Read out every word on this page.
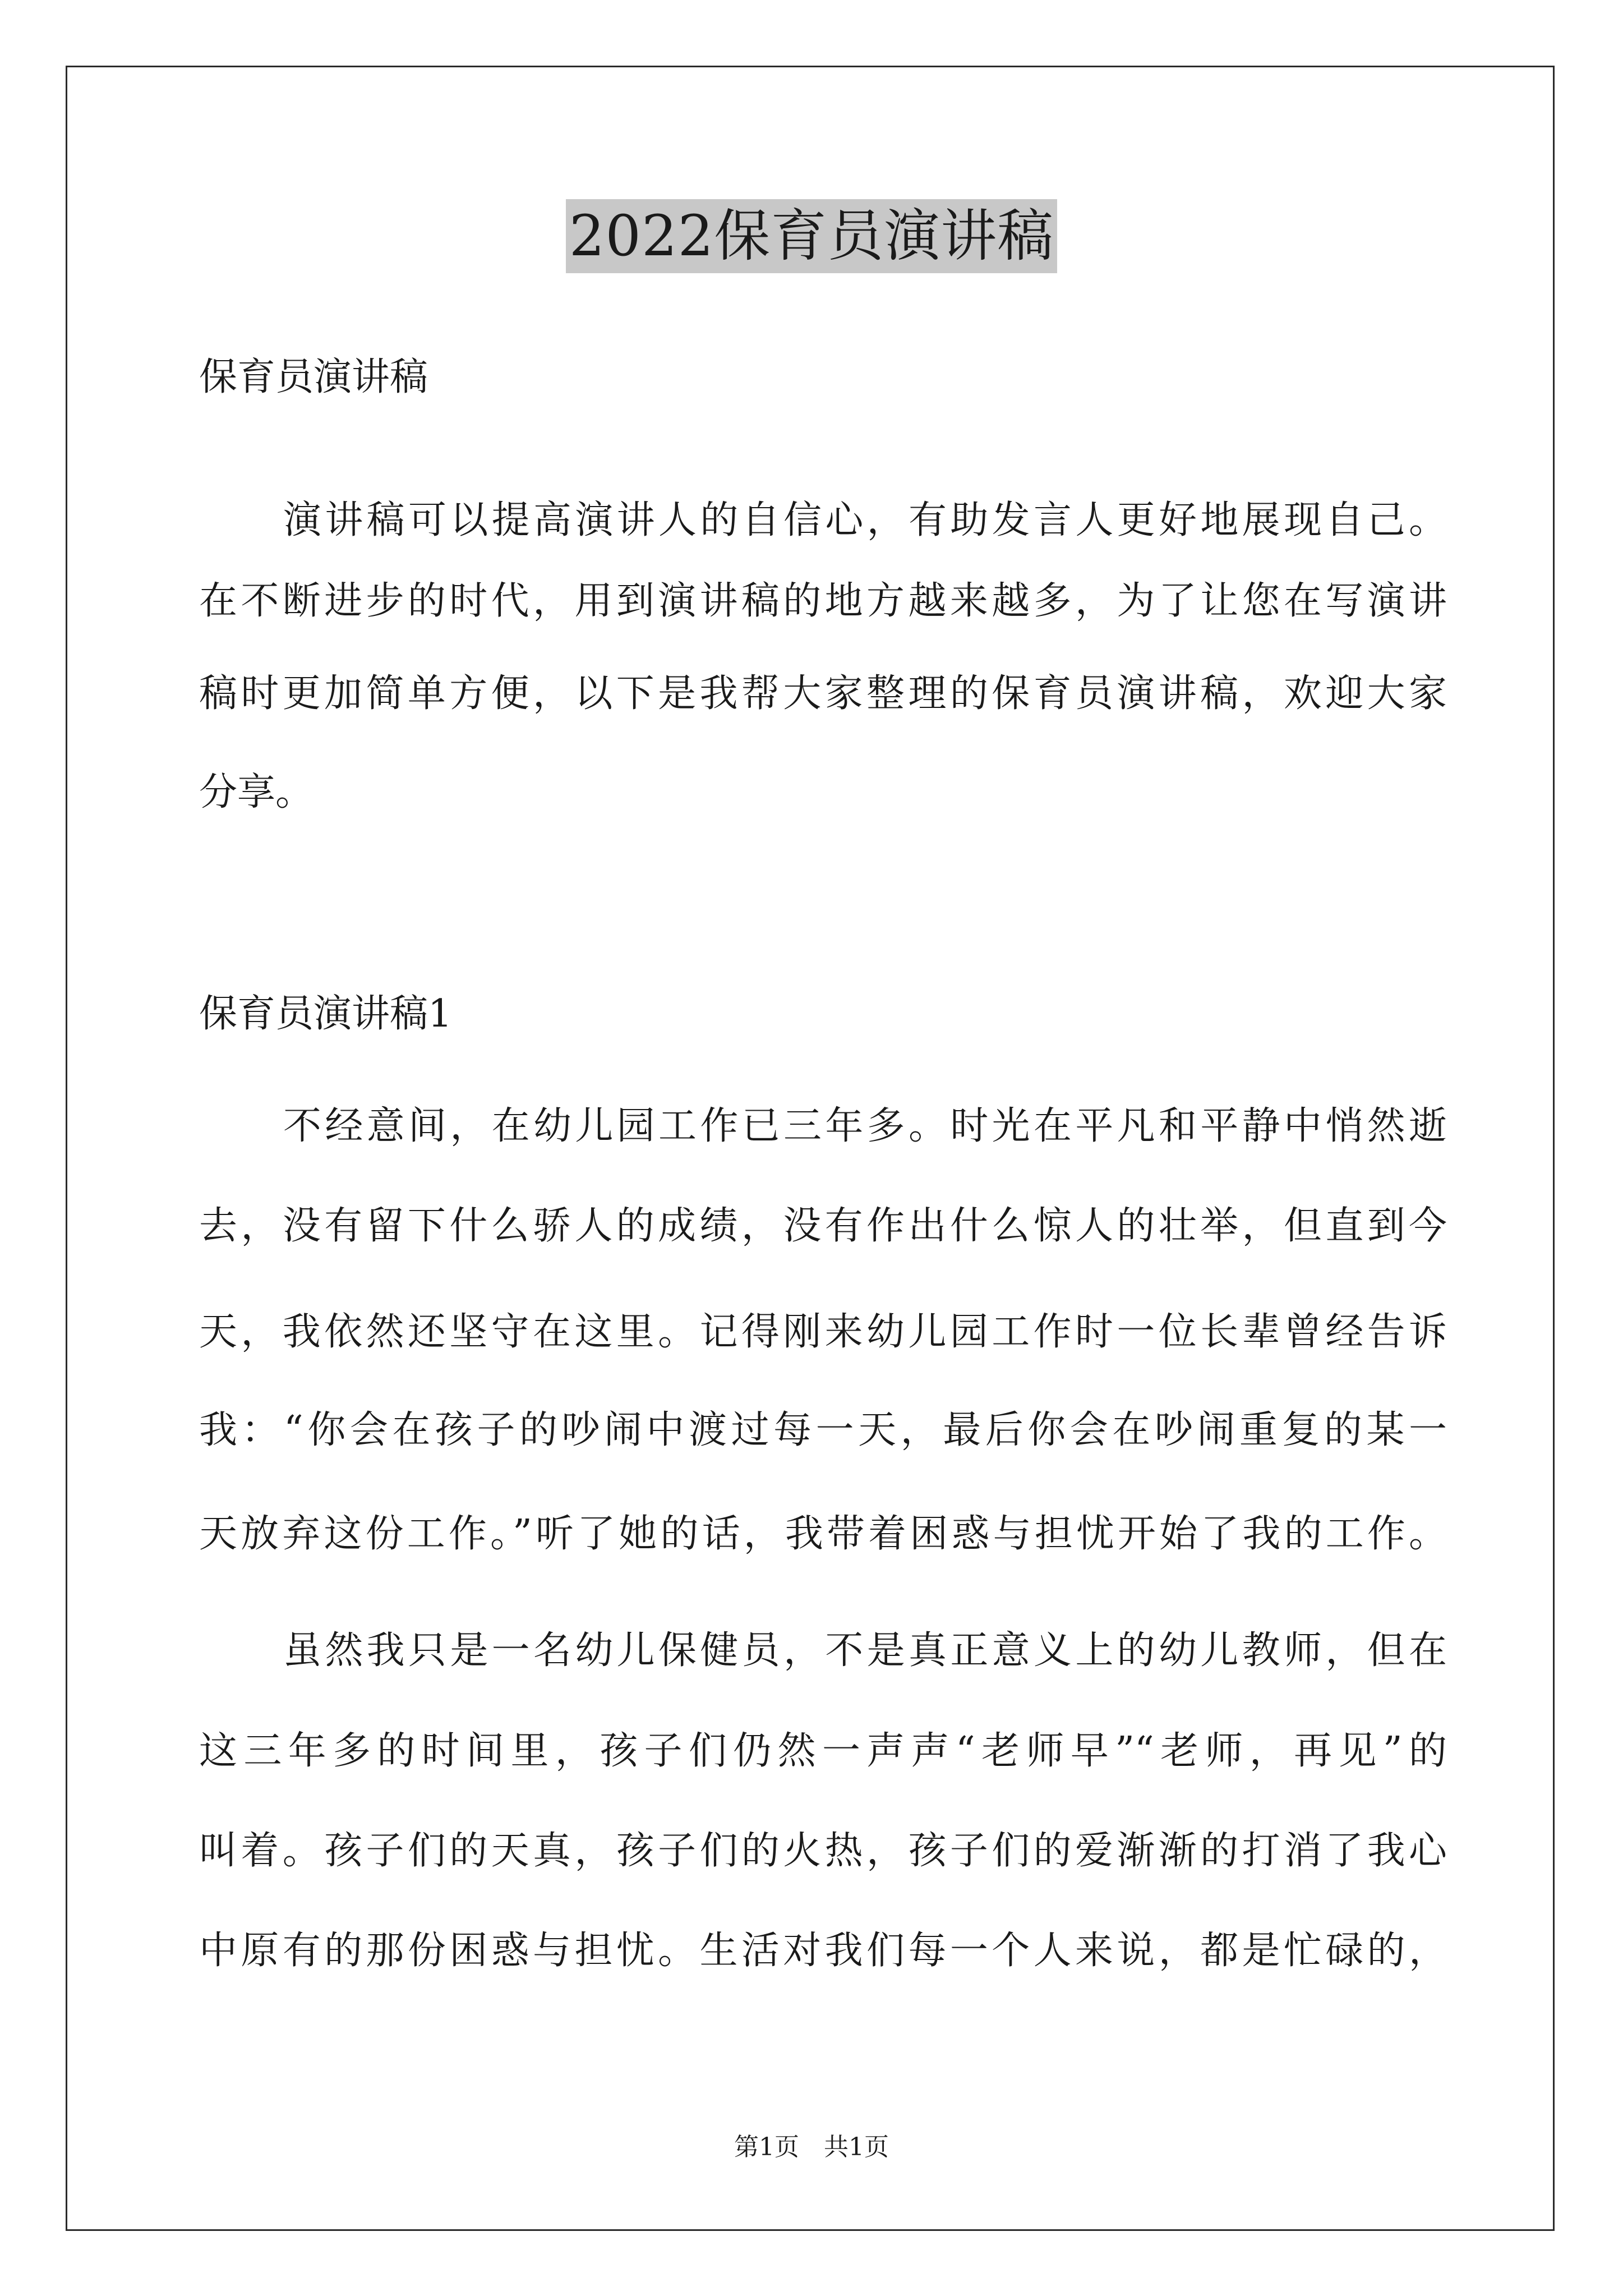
2022保育员演讲稿
保育员演讲稿
演讲稿可以提高演讲人的自信心，有助发言人更好地展现自己。
在不断进步的时代，用到演讲稿的地方越来越多，为了让您在写演讲
稿时更加简单方便，以下是我帮大家整理的保育员演讲稿，欢迎大家
分享。
保育员演讲稿1
不经意间，在幼儿园工作已三年多。时光在平凡和平静中悄然逝
去，没有留下什么骄人的成绩，没有作出什么惊人的壮举，但直到今
天，我依然还坚守在这里。记得刚来幼儿园工作时一位长辈曾经告诉
我：“你会在孩子的吵闹中渡过每一天，最后你会在吵闹重复的某一
天放弃这份工作。”听了她的话，我带着困惑与担忧开始了我的工作。
虽然我只是一名幼儿保健员，不是真正意义上的幼儿教师，但在
这三年多的时间里，孩子们仍然一声声“老师早”“老师，再见”的
叫着。孩子们的天真，孩子们的火热，孩子们的爱渐渐的打消了我心
中原有的那份困惑与担忧。生活对我们每一个人来说，都是忙碌的，
第1页　共1页
